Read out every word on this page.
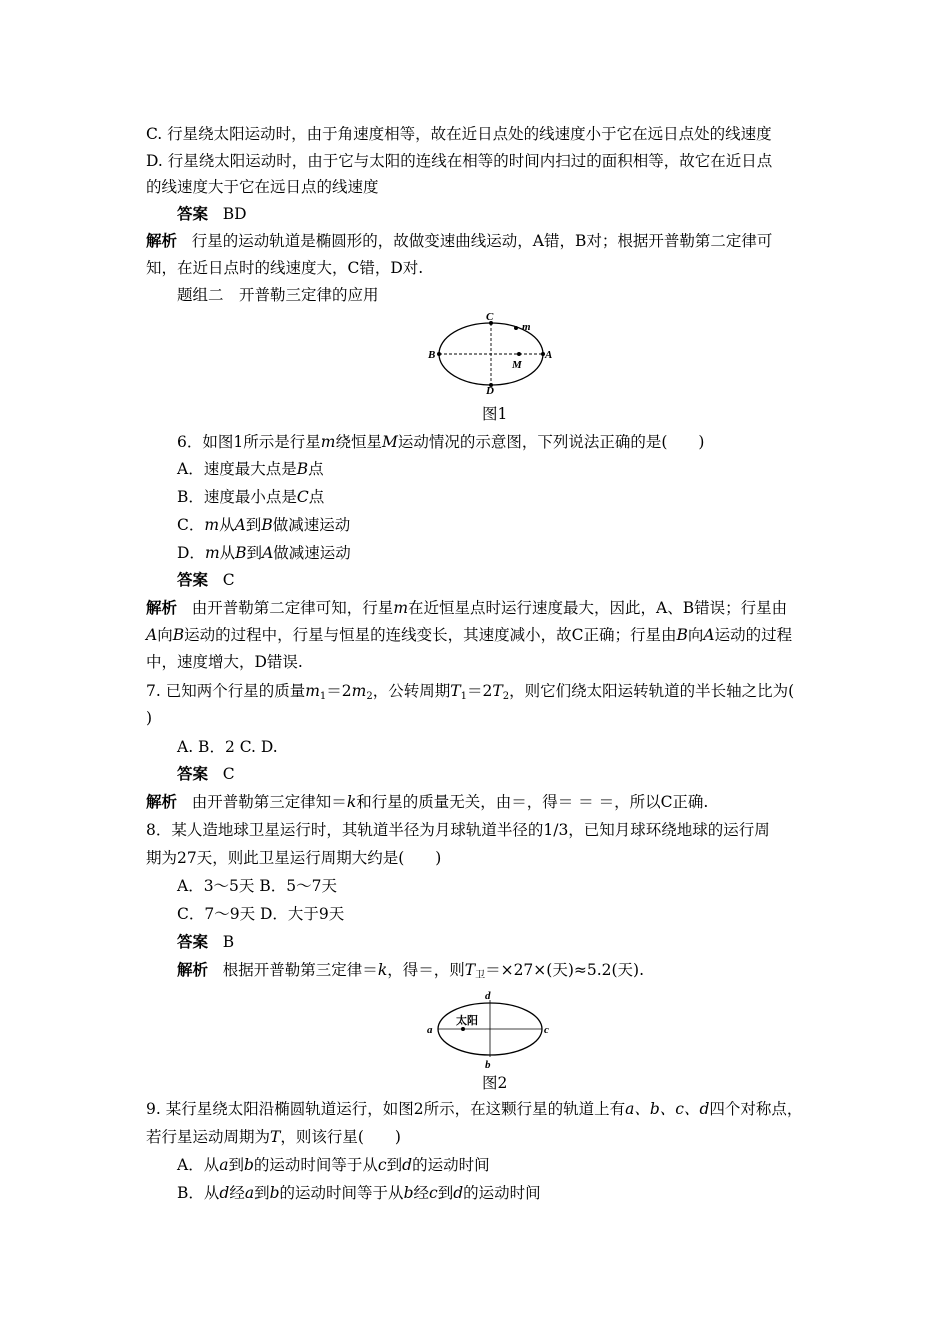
C. 行星绕太阳运动时，由于角速度相等，故在近日点处的线速度小于它在远日点处的线速度
D. 行星绕太阳运动时，由于它与太阳的连线在相等的时间内扫过的面积相等，故它在近日点
的线速度大于它在远日点的线速度
答案 BD
解析 行星的运动轨道是椭圆形的，故做变速曲线运动，A错，B对；根据开普勒第二定律可
知，在近日点时的线速度大，C错，D对.
题组二　开普勒三定律的应用
C
m
B	A
M
D
图1
6．如图1所示是行星m绕恒星M运动情况的示意图，下列说法正确的是(　　)
A．速度最大点是B点
B．速度最小点是C点
C．m从A到B做减速运动
D．m从B到A做减速运动
答案 C
解析 由开普勒第二定律可知，行星m在近恒星点时运行速度最大，因此，A、B错误；行星由
A向B运动的过程中，行星与恒星的连线变长，其速度减小，故C正确；行星由B向A运动的过程
中，速度增大，D错误.
7. 已知两个行星的质量$m_1=2m_2$，公转周期$T_1=2T_2$，则它们绕太阳运转轨道的半长轴之比为(
)
A. B．2 C. D.
答案 C
解析 由开普勒第三定律知＝k和行星的质量无关，由＝，得＝ ＝ ＝，所以C正确.
8．某人造地球卫星运行时，其轨道半径为月球轨道半径的1/3，已知月球环绕地球的运行周
期为27天，则此卫星运行周期大约是(　　)
A．3～5天 B．5～7天
C．7～9天 D．大于9天
答案 B
解析 根据开普勒第三定律＝k，得＝，则$T_卫=\times 27\times$(天)≈5.2(天).
d
太阳
a	c
b
图2
9. 某行星绕太阳沿椭圆轨道运行，如图2所示，在这颗行星的轨道上有a、b、c、d四个对称点，
若行星运动周期为T，则该行星(　　)
A．从a到b的运动时间等于从c到d的运动时间
B．从d经a到b的运动时间等于从b经c到d的运动时间
